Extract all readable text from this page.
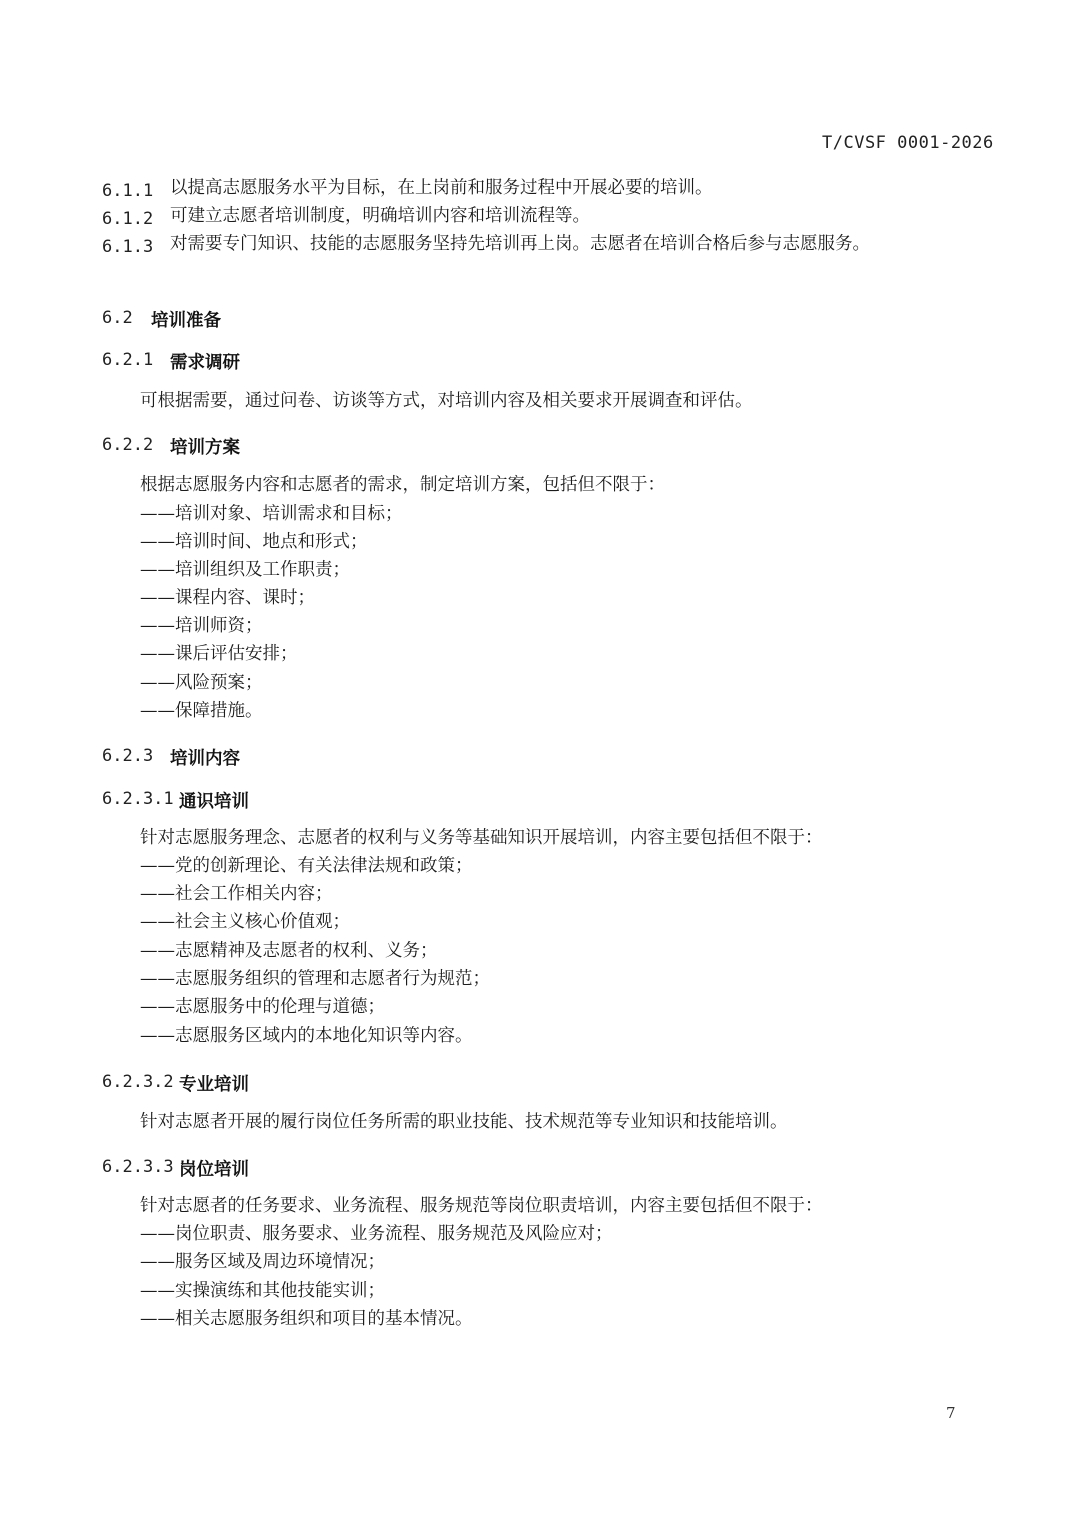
T/CVSF 0001-2026
6.1.1 以提高志愿服务水平为目标，在上岗前和服务过程中开展必要的培训。
6.1.2 可建立志愿者培训制度，明确培训内容和培训流程等。
6.1.3 对需要专门知识、技能的志愿服务坚持先培训再上岗。志愿者在培训合格后参与志愿服务。
6.2 培训准备
6.2.1 需求调研
可根据需要，通过问卷、访谈等方式，对培训内容及相关要求开展调查和评估。
6.2.2 培训方案
根据志愿服务内容和志愿者的需求，制定培训方案，包括但不限于：
——培训对象、培训需求和目标；
——培训时间、地点和形式；
——培训组织及工作职责；
——课程内容、课时；
——培训师资；
——课后评估安排；
——风险预案；
——保障措施。
6.2.3 培训内容
6.2.3.1 通识培训
针对志愿服务理念、志愿者的权利与义务等基础知识开展培训，内容主要包括但不限于：
——党的创新理论、有关法律法规和政策；
——社会工作相关内容；
——社会主义核心价值观；
——志愿精神及志愿者的权利、义务；
——志愿服务组织的管理和志愿者行为规范；
——志愿服务中的伦理与道德；
——志愿服务区域内的本地化知识等内容。
6.2.3.2 专业培训
针对志愿者开展的履行岗位任务所需的职业技能、技术规范等专业知识和技能培训。
6.2.3.3 岗位培训
针对志愿者的任务要求、业务流程、服务规范等岗位职责培训，内容主要包括但不限于：
——岗位职责、服务要求、业务流程、服务规范及风险应对；
——服务区域及周边环境情况；
——实操演练和其他技能实训；
——相关志愿服务组织和项目的基本情况。
7
